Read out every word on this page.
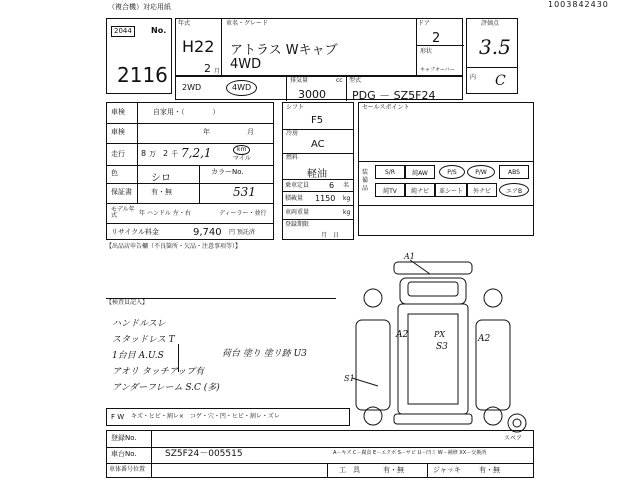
（複合機）対応用紙	1003842430
2044	No.
2116
年式
H22
2 月
車名・グレード
アトラス Wキャブ
4WD
ドア
2
形状
キャブオーバー
2WD	4WD
排気量	cc
3000
型式
PDG － SZ5F24
評価点
3.5
内 C
車検	自家用・（　　　　）
車検	年	月
走行 8 万 2 千 7,2,1	km
マイル
色	シロ
カラーNo.
531
保証書	有・無
モデル年式	年 ハンドル 左・右	ディーラー・並行
リサイクル料金	9,740 円 預託済
シフト
F5
冷房
AC
燃料
軽油
乗車定員 6 名
積載量 1150 kg
車両重量	kg
登録期限
月　日
セールスポイント
装備品
S/R	純AW	P/S	P/W	ABS
純TV	純ナビ	革シート	外ナビ	エアB
【出品店申告欄（不良箇所・欠品・注意事項等）】
【検査員記入】
ハンドルスレ
スタッドレス T
1台目 A.U.S
アオリ タッチアップ有
アンダーフレーム S.C (多)
荷台 塗り 塗リ跡 U3
A1
A2	A2
S1
PX
S3
スペア
F W キズ・ヒビ・割レ×　コゲ・穴・凹・ヒビ・割レ・ズレ
登録No.
車台No.	SZ5F24－005515
車体番号位置
A－キズ C－腐食 E－エクボ S－サビ U－凹ミ W－補修 XX－交換済
工　具	有・無	ジャッキ	有・無
